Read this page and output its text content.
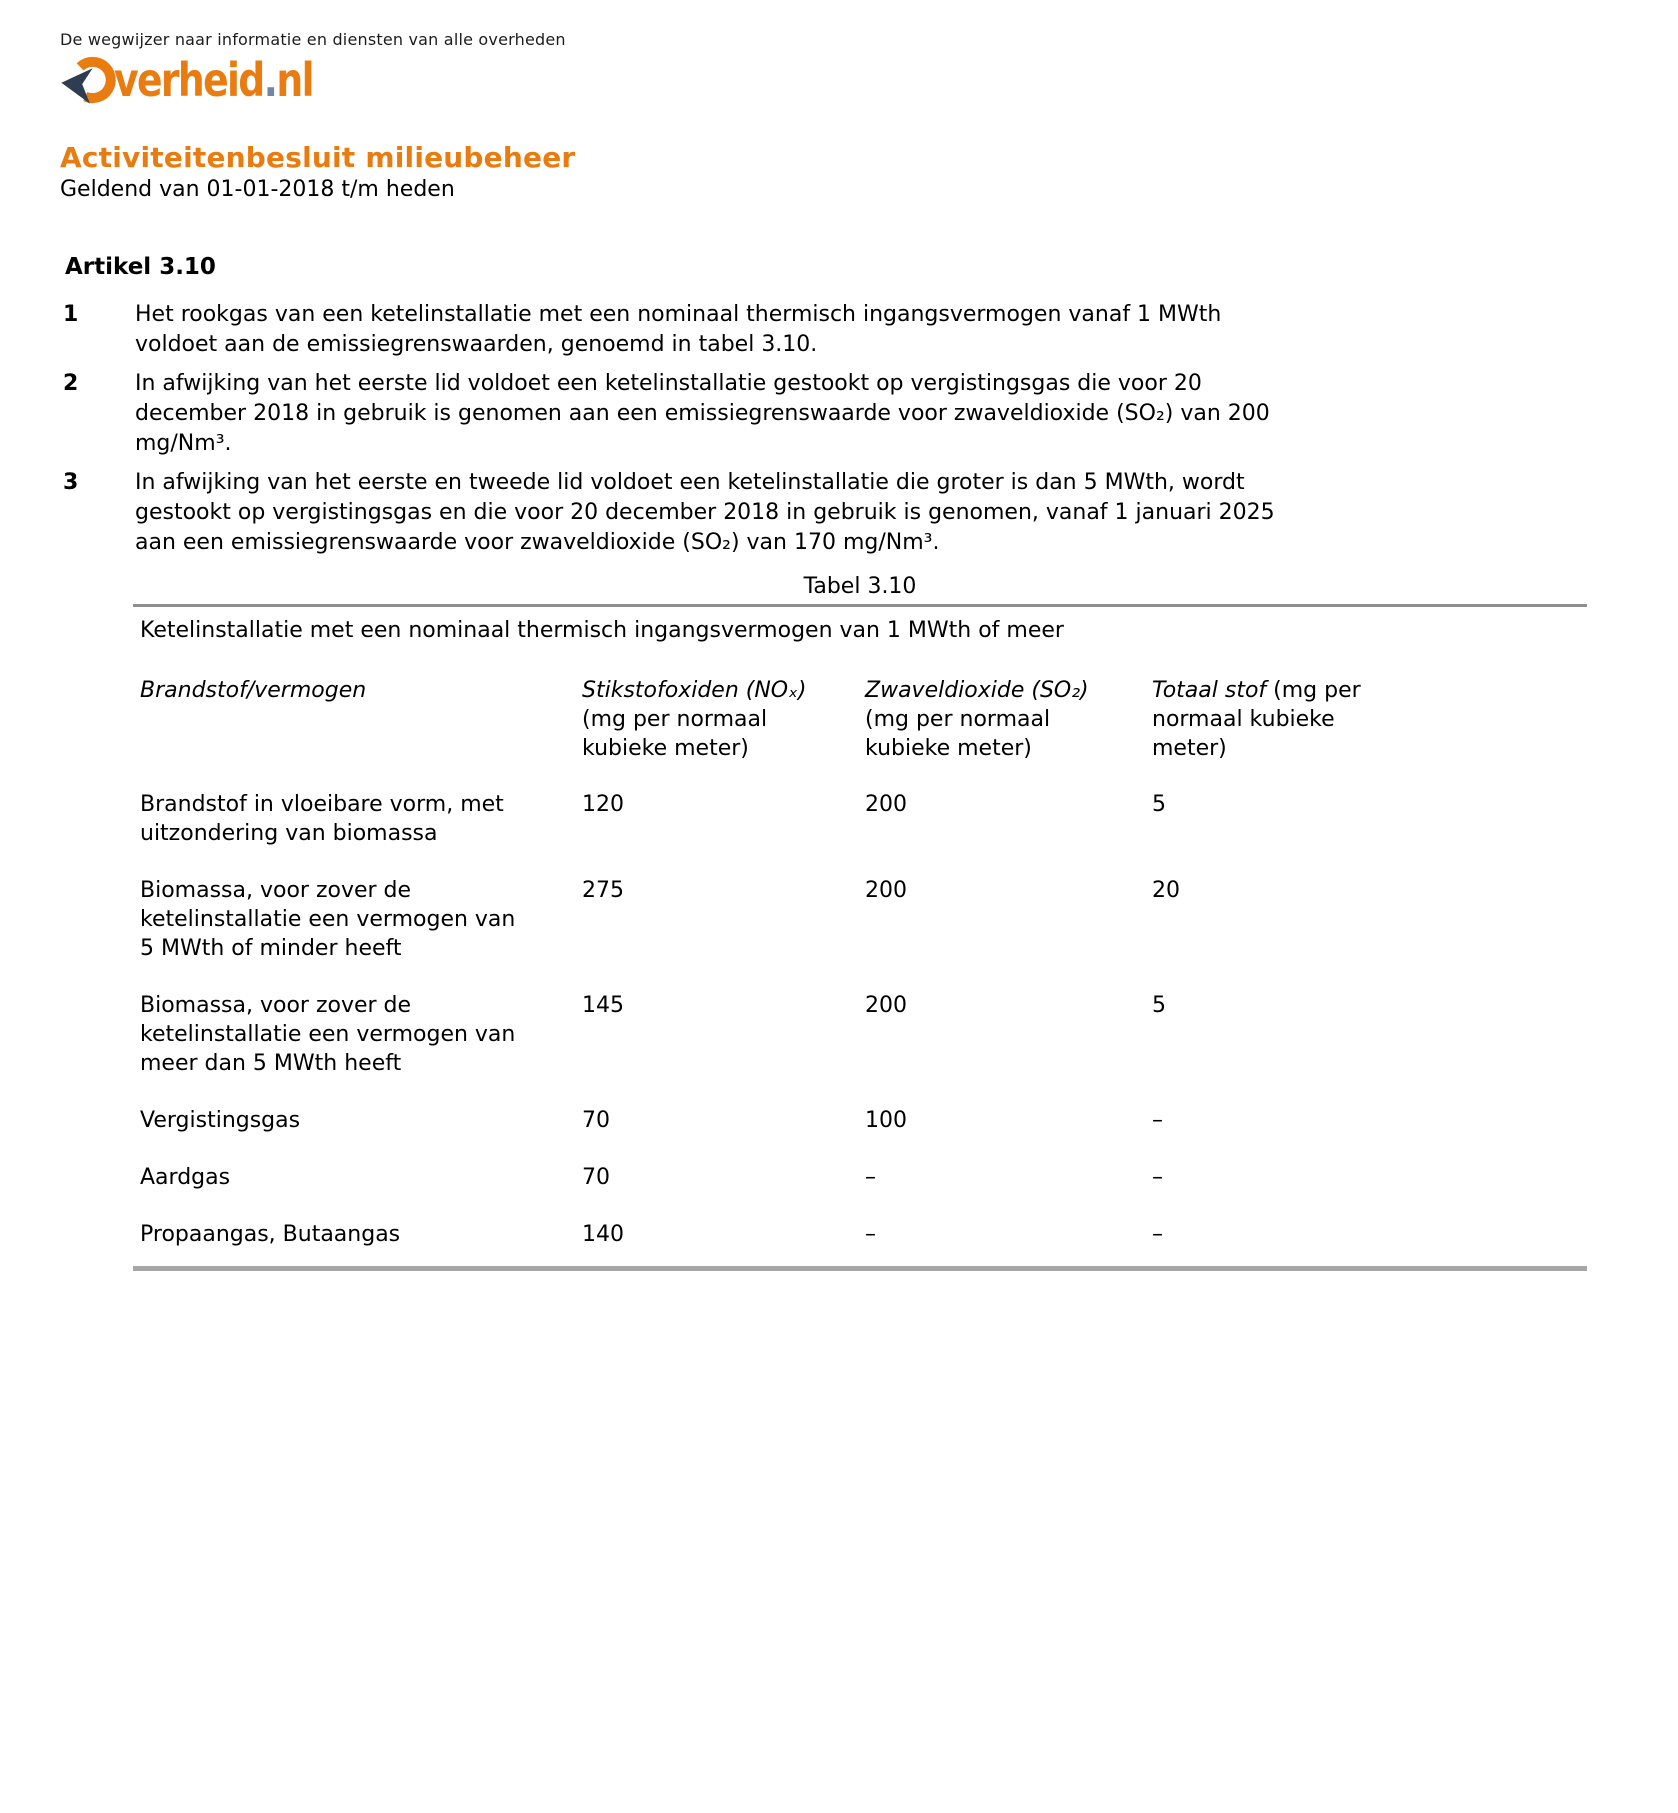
De wegwijzer naar informatie en diensten van alle overheden
verheid.nl
Activiteitenbesluit milieubeheer
Geldend van 01-01-2018 t/m heden
Artikel 3.10
1	Het rookgas van een ketelinstallatie met een nominaal thermisch ingangsvermogen vanaf 1 MWth voldoet aan de emissiegrenswaarden, genoemd in tabel 3.10.
2	In afwijking van het eerste lid voldoet een ketelinstallatie gestookt op vergistingsgas die voor 20 december 2018 in gebruik is genomen aan een emissiegrenswaarde voor zwaveldioxide (SO₂) van 200 mg/Nm³.
3	In afwijking van het eerste en tweede lid voldoet een ketelinstallatie die groter is dan 5 MWth, wordt gestookt op vergistingsgas en die voor 20 december 2018 in gebruik is genomen, vanaf 1 januari 2025 aan een emissiegrenswaarde voor zwaveldioxide (SO₂) van 170 mg/Nm³.
Tabel 3.10
Ketelinstallatie met een nominaal thermisch ingangsvermogen van 1 MWth of meer			

Brandstof/vermogen	Stikstofoxiden (NOₓ) (mg per normaal kubieke meter)	Zwaveldioxide (SO₂) (mg per normaal kubieke meter)	Totaal stof (mg per normaal kubieke meter)

Brandstof in vloeibare vorm, met uitzondering van biomassa	120	200	5

Biomassa, voor zover de ketelinstallatie een vermogen van 5 MWth of minder heeft	275	200	20

Biomassa, voor zover de ketelinstallatie een vermogen van meer dan 5 MWth heeft	145	200	5

Vergistingsgas	70	100	–

Aardgas	70	–	–

Propaangas, Butaangas	140	–	–
